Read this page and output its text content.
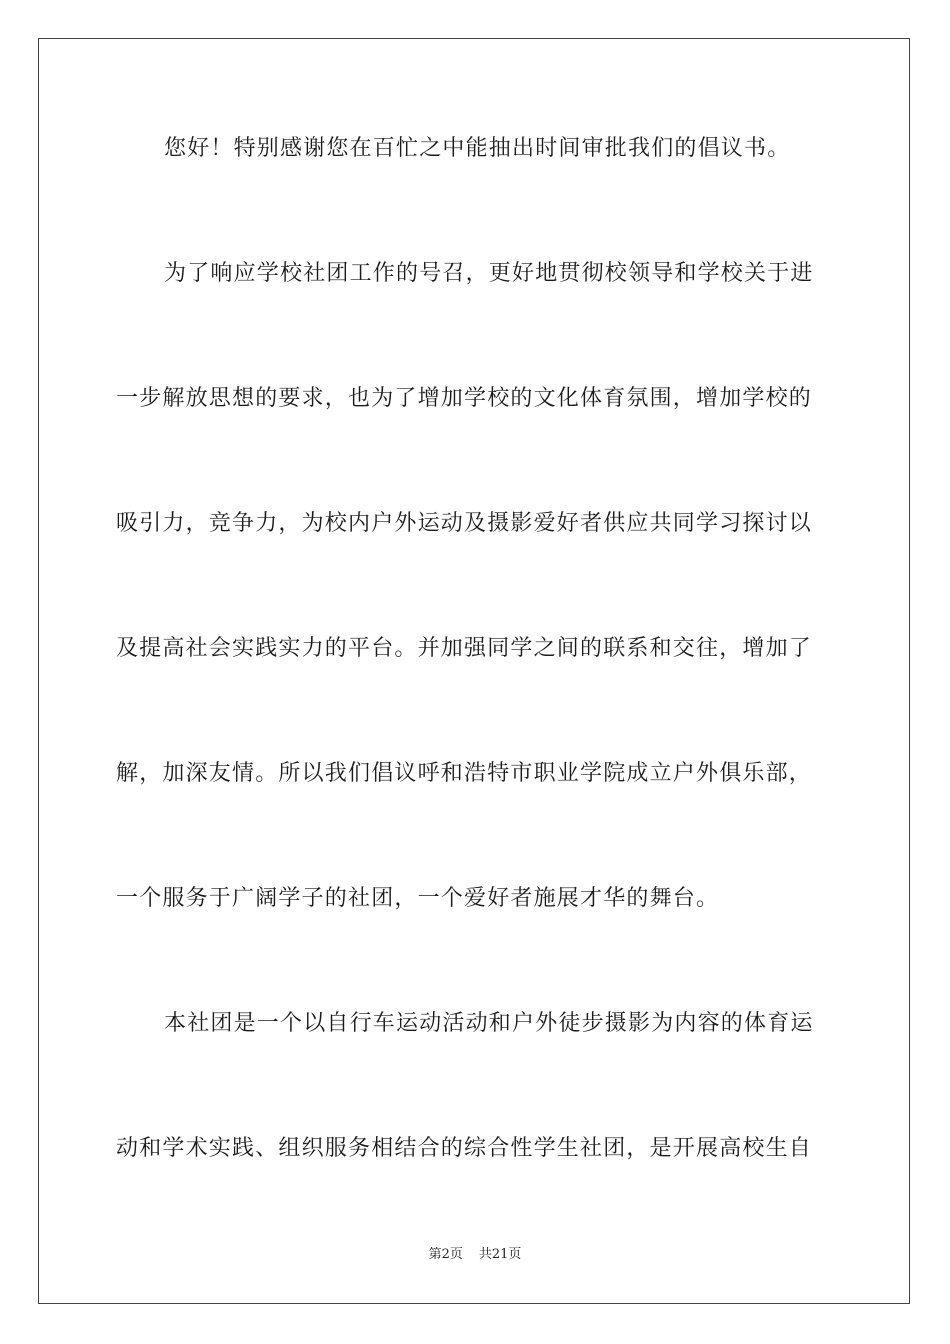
您好！特别感谢您在百忙之中能抽出时间审批我们的倡议书。
为了响应学校社团工作的号召，更好地贯彻校领导和学校关于进
一步解放思想的要求，也为了增加学校的文化体育氛围，增加学校的
吸引力，竞争力，为校内户外运动及摄影爱好者供应共同学习探讨以
及提高社会实践实力的平台。并加强同学之间的联系和交往，增加了
解，加深友情。所以我们倡议呼和浩特市职业学院成立户外俱乐部，
一个服务于广阔学子的社团，一个爱好者施展才华的舞台。
本社团是一个以自行车运动活动和户外徒步摄影为内容的体育运
动和学术实践、组织服务相结合的综合性学生社团，是开展高校生自
第2页 共21页
